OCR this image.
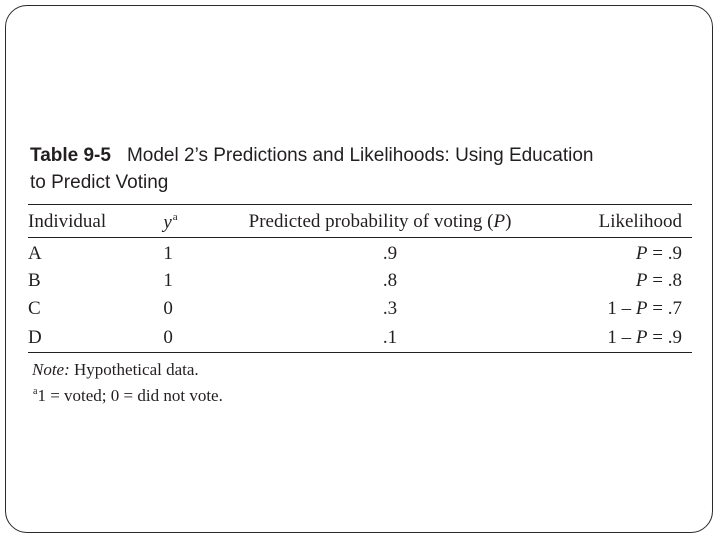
Table 9-5 Model 2’s Predictions and Likelihoods: Using Education
to Predict Voting

Individual	$y^a$	Predicted probability of voting (P)	Likelihood

A	1	.9	P = .9
B	1	.8	P = .8
C	0	.3	1 – P = .7
D	0	.1	1 – P = .9
Note: Hypothetical data.
$^a$1 = voted; 0 = did not vote.
